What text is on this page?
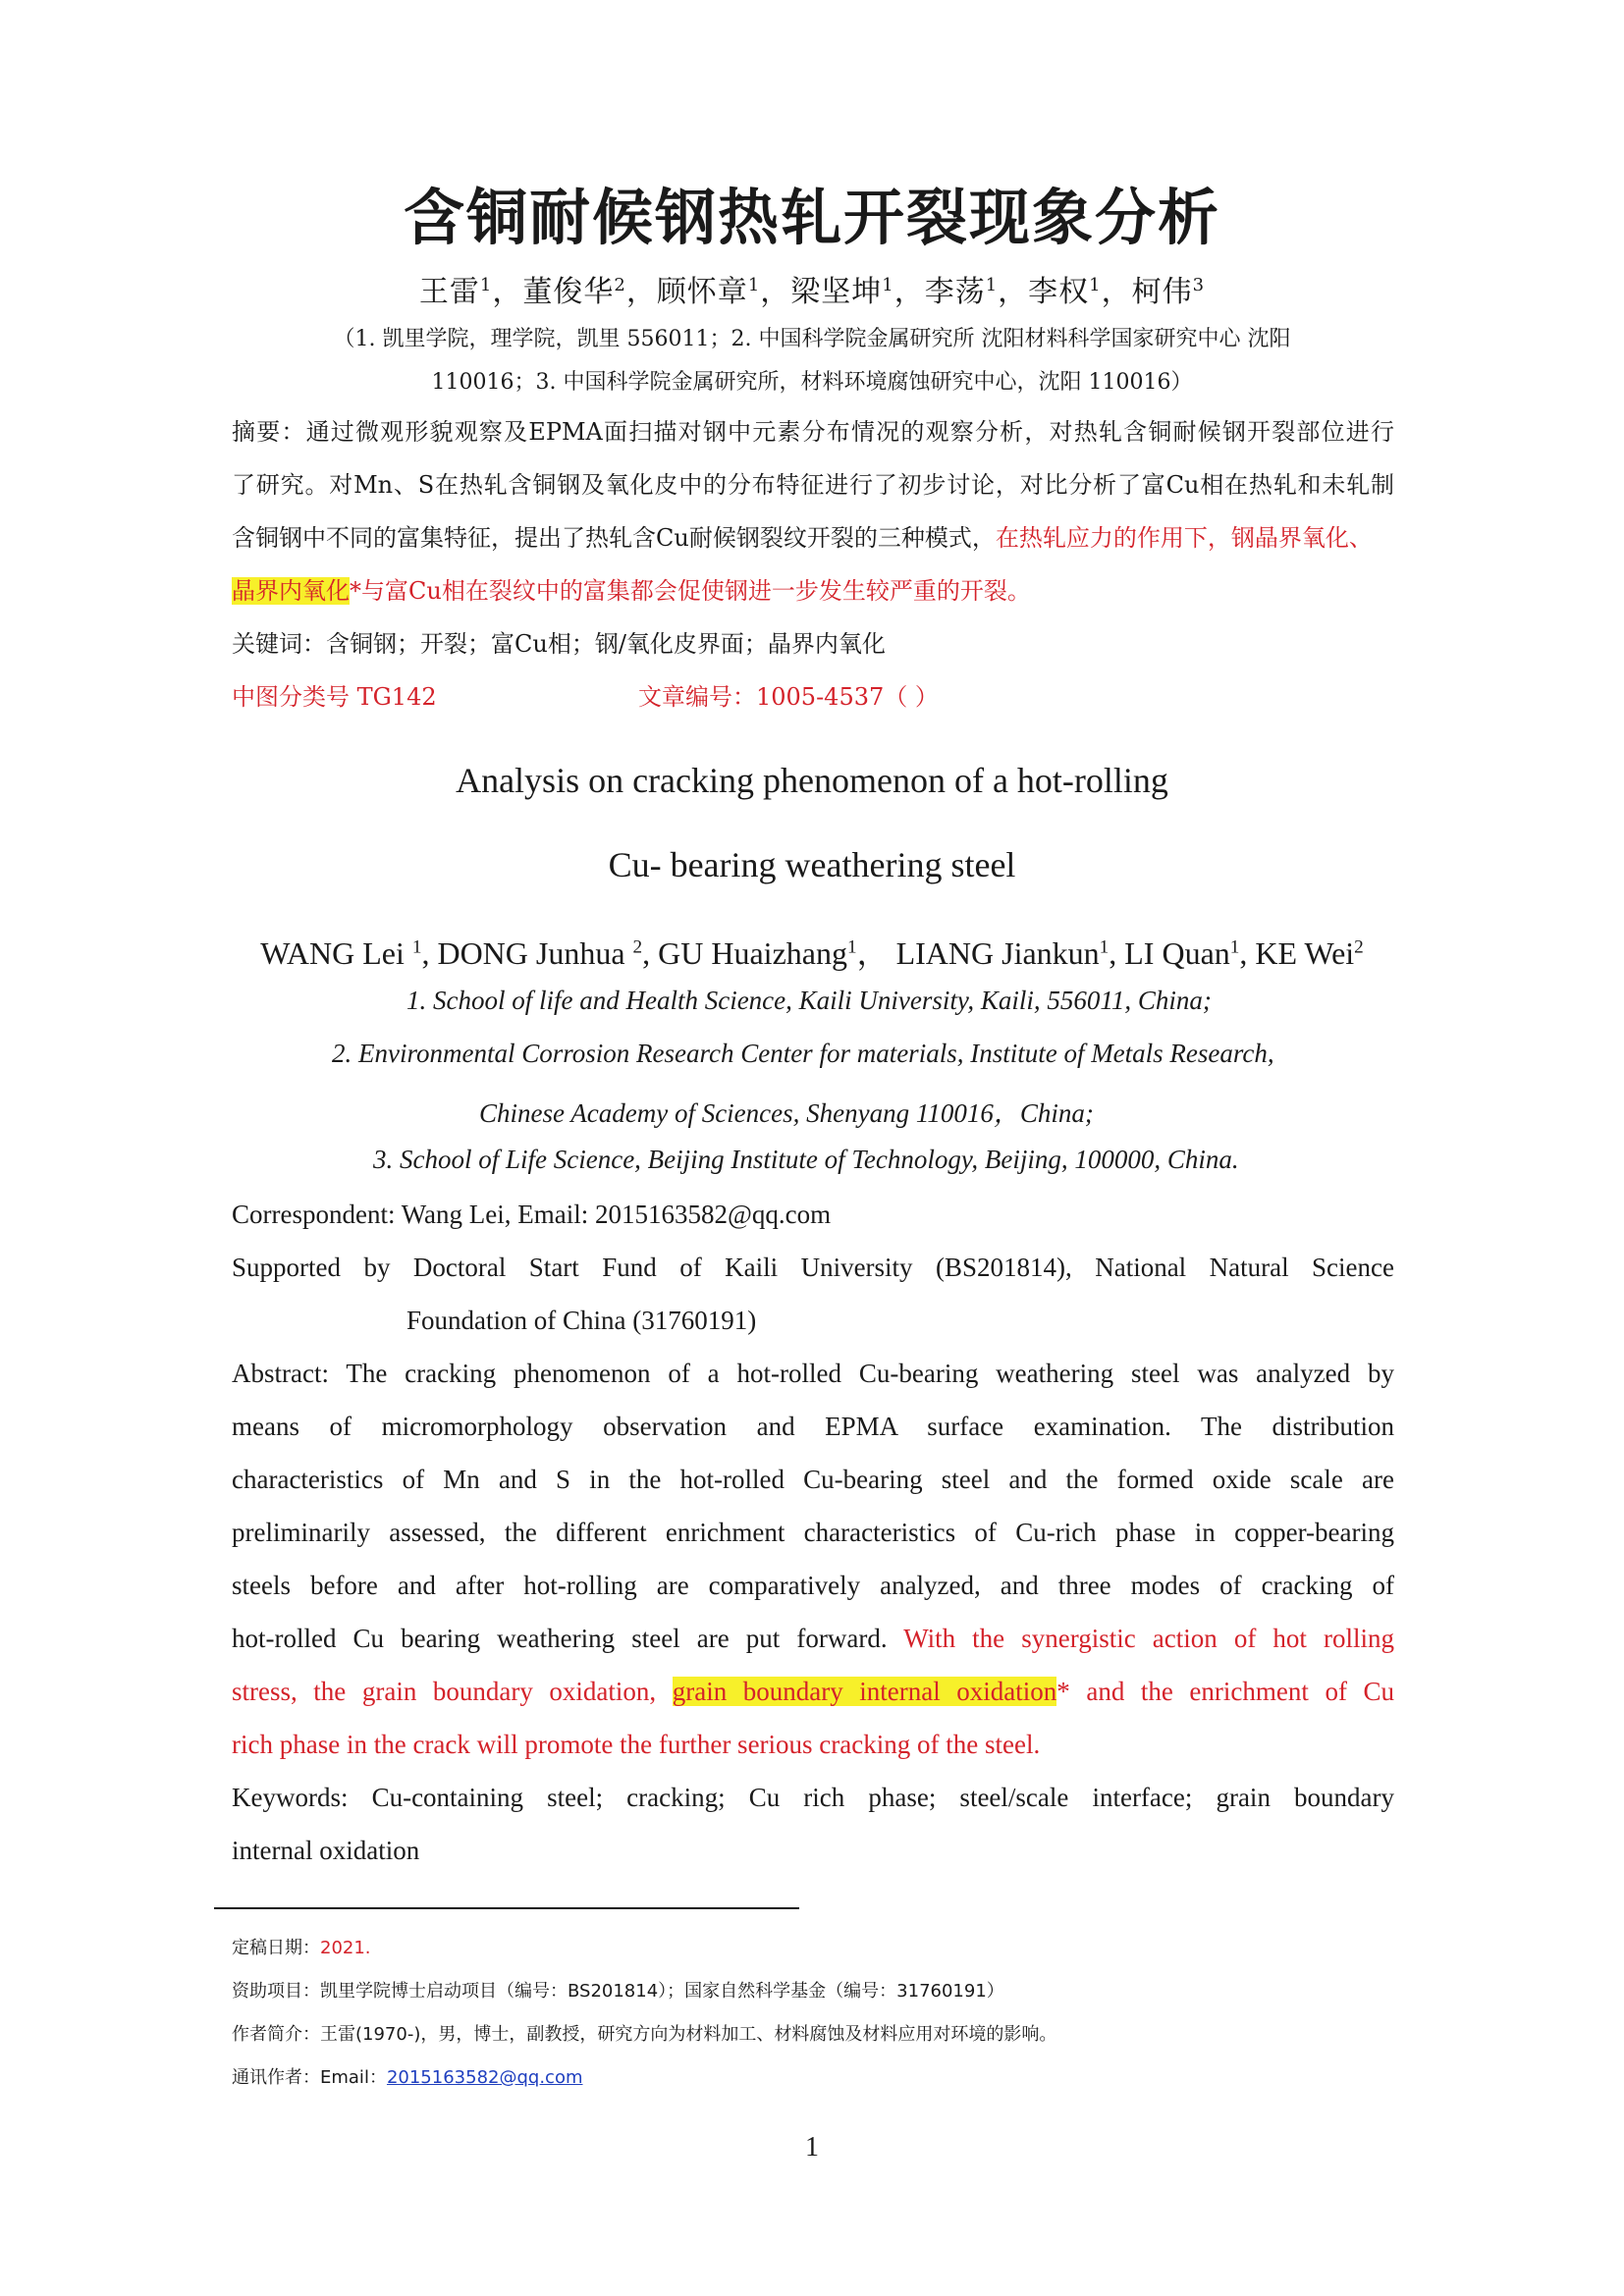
含铜耐候钢热轧开裂现象分析
王雷$^1$，董俊华$^2$，顾怀章$^1$，梁坚坤$^1$，李荡$^1$，李权$^1$，柯伟$^3$
（1. 凯里学院，理学院，凯里 556011；2. 中国科学院金属研究所 沈阳材料科学国家研究中心 沈阳
110016；3. 中国科学院金属研究所，材料环境腐蚀研究中心，沈阳 110016）
摘要：通过微观形貌观察及EPMA面扫描对钢中元素分布情况的观察分析，对热轧含铜耐候钢开裂部位进行
了研究。对Mn、S在热轧含铜钢及氧化皮中的分布特征进行了初步讨论，对比分析了富Cu相在热轧和未轧制
含铜钢中不同的富集特征，提出了热轧含Cu耐候钢裂纹开裂的三种模式，在热轧应力的作用下，钢晶界氧化、
晶界内氧化*与富Cu相在裂纹中的富集都会促使钢进一步发生较严重的开裂。
关键词：含铜钢；开裂；富Cu相；钢/氧化皮界面；晶界内氧化
中图分类号 TG142	文章编号：1005-4537（ ）
Analysis on cracking phenomenon of a hot-rolling
Cu- bearing weathering steel
WANG Lei $^1$, DONG Junhua $^2$, GU Huaizhang$^1$， LIANG Jiankun$^1$, LI Quan$^1$, KE Wei$^2$
1. School of life and Health Science, Kaili University, Kaili, 556011, China;
2. Environmental Corrosion Research Center for materials, Institute of Metals Research,
Chinese Academy of Sciences, Shenyang 110016，China;
3. School of Life Science, Beijing Institute of Technology, Beijing, 100000, China.
Correspondent: Wang Lei, Email: 2015163582@qq.com
Supported by Doctoral Start Fund of Kaili University (BS201814), National Natural Science
Foundation of China (31760191)
Abstract: The cracking phenomenon of a hot-rolled Cu-bearing weathering steel was analyzed by
means of micromorphology observation and EPMA surface examination. The distribution
characteristics of Mn and S in the hot-rolled Cu-bearing steel and the formed oxide scale are
preliminarily assessed, the different enrichment characteristics of Cu-rich phase in copper-bearing
steels before and after hot-rolling are comparatively analyzed, and three modes of cracking of
hot-rolled Cu bearing weathering steel are put forward. With the synergistic action of hot rolling
stress, the grain boundary oxidation, grain boundary internal oxidation* and the enrichment of Cu
rich phase in the crack will promote the further serious cracking of the steel.
Keywords: Cu-containing steel; cracking; Cu rich phase; steel/scale interface; grain boundary
internal oxidation
定稿日期：2021.
资助项目：凯里学院博士启动项目（编号：BS201814）；国家自然科学基金（编号：31760191）
作者简介：王雷(1970-)，男，博士，副教授，研究方向为材料加工、材料腐蚀及材料应用对环境的影响。
通讯作者：Email：2015163582@qq.com
1
